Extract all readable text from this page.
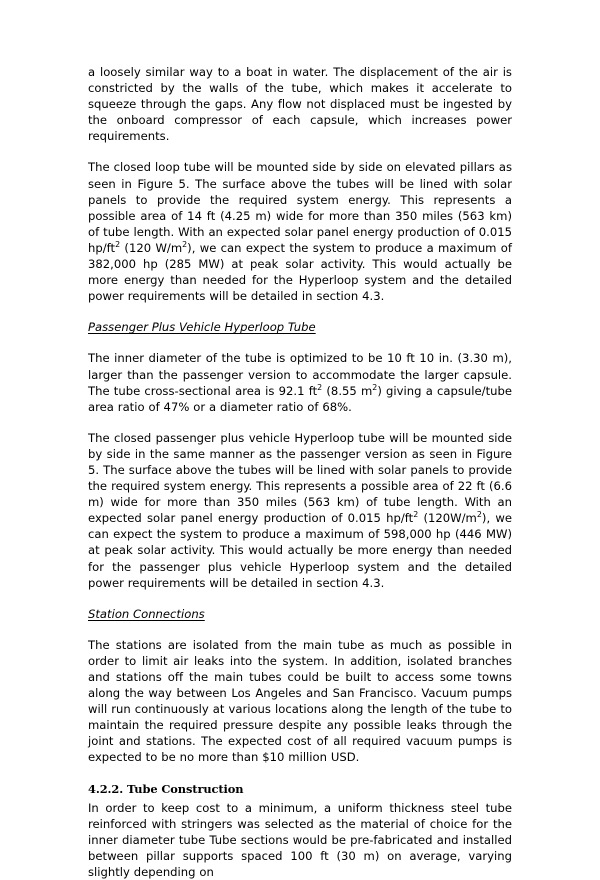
a loosely similar way to a boat in water. The displacement of the air is constricted by the walls of the tube, which makes it accelerate to squeeze through the gaps. Any flow not displaced must be ingested by the onboard compressor of each capsule, which increases power requirements.

The closed loop tube will be mounted side by side on elevated pillars as seen in Figure 5. The surface above the tubes will be lined with solar panels to provide the required system energy. This represents a possible area of 14 ft (4.25 m) wide for more than 350 miles (563 km) of tube length. With an expected solar panel energy production of 0.015 $hp/ft^2$ (120 $W/m^2$), we can expect the system to produce a maximum of 382,000 hp (285 MW) at peak solar activity. This would actually be more energy than needed for the Hyperloop system and the detailed power requirements will be detailed in section 4.3.

Passenger Plus Vehicle Hyperloop Tube

The inner diameter of the tube is optimized to be 10 ft 10 in. (3.30 m), larger than the passenger version to accommodate the larger capsule. The tube cross-sectional area is 92.1 $ft^2$ (8.55 $m^2$) giving a capsule/tube area ratio of 47% or a diameter ratio of 68%.

The closed passenger plus vehicle Hyperloop tube will be mounted side by side in the same manner as the passenger version as seen in Figure 5. The surface above the tubes will be lined with solar panels to provide the required system energy. This represents a possible area of 22 ft (6.6 m) wide for more than 350 miles (563 km) of tube length. With an expected solar panel energy production of 0.015 $hp/ft^2$ $(120W/m^2)$, we can expect the system to produce a maximum of 598,000 hp (446 MW) at peak solar activity. This would actually be more energy than needed for the passenger plus vehicle Hyperloop system and the detailed power requirements will be detailed in section 4.3.

Station Connections

The stations are isolated from the main tube as much as possible in order to limit air leaks into the system. In addition, isolated branches and stations off the main tubes could be built to access some towns along the way between Los Angeles and San Francisco. Vacuum pumps will run continuously at various locations along the length of the tube to maintain the required pressure despite any possible leaks through the joint and stations. The expected cost of all required vacuum pumps is expected to be no more than $10 million USD.

4.2.2. Tube Construction

In order to keep cost to a minimum, a uniform thickness steel tube reinforced with stringers was selected as the material of choice for the inner diameter tube Tube sections would be pre-fabricated and installed between pillar supports spaced 100 ft (30 m) on average, varying slightly depending on
